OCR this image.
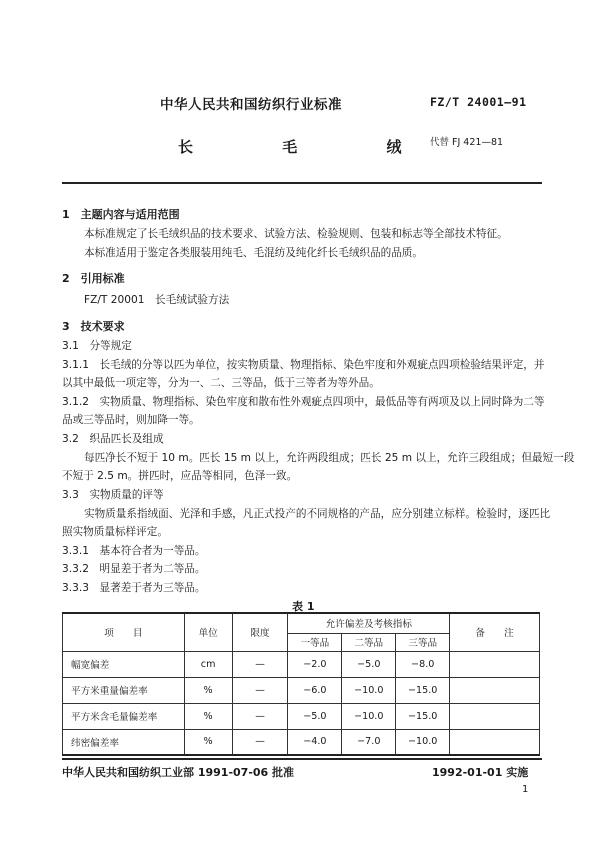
中华人民共和国纺织行业标准	FZ/T 24001—91
长 毛 绒
代替 FJ 421—81
1　主题内容与适用范围
本标准规定了长毛绒织品的技术要求、试验方法、检验规则、包装和标志等全部技术特征。
本标准适用于鉴定各类服装用纯毛、毛混纺及纯化纤长毛绒织品的品质。
2　引用标准
FZ/T 20001　长毛绒试验方法
3　技术要求
3.1　分等规定
3.1.1　长毛绒的分等以匹为单位，按实物质量、物理指标、染色牢度和外观疵点四项检验结果评定，并
以其中最低一项定等，分为一、二、三等品，低于三等者为等外品。
3.1.2　实物质量、物理指标、染色牢度和散布性外观疵点四项中，最低品等有两项及以上同时降为二等
品或三等品时，则加降一等。
3.2　织品匹长及组成
每匹净长不短于 10 m。匹长 15 m 以上，允许两段组成；匹长 25 m 以上，允许三段组成；但最短一段
不短于 2.5 m。拼匹时，应品等相同，色泽一致。
3.3　实物质量的评等
实物质量系指绒面、光泽和手感，凡正式投产的不同规格的产品，应分别建立标样。检验时，逐匹比
照实物质量标样评定。
3.3.1　基本符合者为一等品。
3.3.2　明显差于者为二等品。
3.3.3　显著差于者为三等品。
表 1
项　　目	单位	限度	允许偏差及考核指标			备　　注
			一等品	二等品	三等品	
幅宽偏差	cm	—	−2.0	−5.0	−8.0	
平方米重量偏差率	%	—	−6.0	−10.0	−15.0	
平方米含毛量偏差率	%	—	−5.0	−10.0	−15.0	
纬密偏差率	%	—	−4.0	−7.0	−10.0	
中华人民共和国纺织工业部 1991-07-06 批准	1992-01-01 实施
1
